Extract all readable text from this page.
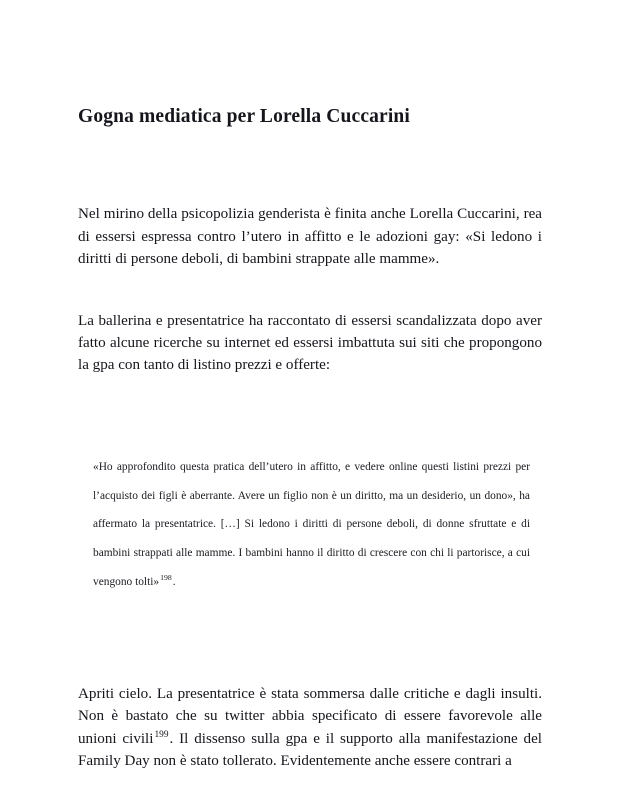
Gogna mediatica per Lorella Cuccarini

Nel mirino della psicopolizia genderista è finita anche Lorella Cuccarini, rea di essersi espressa contro l’utero in affitto e le adozioni gay: «Si ledono i diritti di persone deboli, di bambini strappate alle mamme».

La ballerina e presentatrice ha raccontato di essersi scandalizzata dopo aver fatto alcune ricerche su internet ed essersi imbattuta sui siti che propongono la gpa con tanto di listino prezzi e offerte:

«Ho approfondito questa pratica dell’utero in affitto, e vedere online questi listini prezzi per l’acquisto dei figli è aberrante. Avere un figlio non è un diritto, ma un desiderio, un dono», ha affermato la presentatrice. […] Si ledono i diritti di persone deboli, di donne sfruttate e di bambini strappati alle mamme. I bambini hanno il diritto di crescere con chi li partorisce, a cui vengono tolti»$^{198}$.

Apriti cielo. La presentatrice è stata sommersa dalle critiche e dagli insulti. Non è bastato che su twitter abbia specificato di essere favorevole alle unioni civili$^{199}$. Il dissenso sulla gpa e il supporto alla manifestazione del Family Day non è stato tollerato. Evidentemente anche essere contrari a
